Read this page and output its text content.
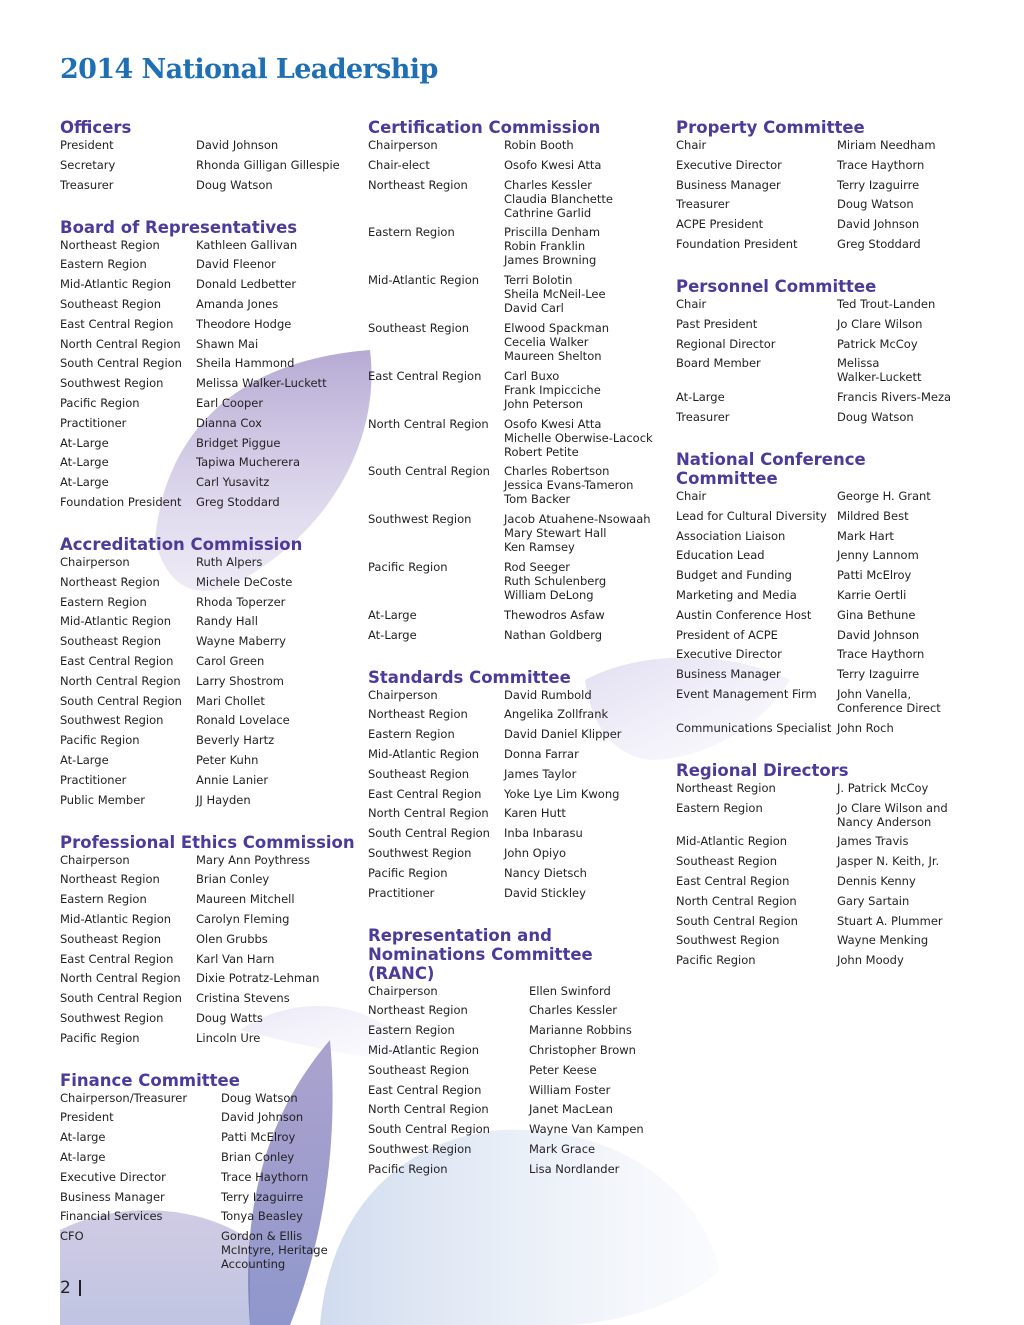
2014 National Leadership
Officers
President	David Johnson
Secretary	Rhonda Gilligan Gillespie
Treasurer	Doug Watson
Board of Representatives
Northeast Region	Kathleen Gallivan
Eastern Region	David Fleenor
Mid-Atlantic Region	Donald Ledbetter
Southeast Region	Amanda Jones
East Central Region	Theodore Hodge
North Central Region	Shawn Mai
South Central Region	Sheila Hammond
Southwest Region	Melissa Walker-Luckett
Pacific Region	Earl Cooper
Practitioner	Dianna Cox
At-Large	Bridget Piggue
At-Large	Tapiwa Mucherera
At-Large	Carl Yusavitz
Foundation President	Greg Stoddard
Accreditation Commission
Chairperson	Ruth Alpers
Northeast Region	Michele DeCoste
Eastern Region	Rhoda Toperzer
Mid-Atlantic Region	Randy Hall
Southeast Region	Wayne Maberry
East Central Region	Carol Green
North Central Region	Larry Shostrom
South Central Region	Mari Chollet
Southwest Region	Ronald Lovelace
Pacific Region	Beverly Hartz
At-Large	Peter Kuhn
Practitioner	Annie Lanier
Public Member	JJ Hayden
Professional Ethics Commission
Chairperson	Mary Ann Poythress
Northeast Region	Brian Conley
Eastern Region	Maureen Mitchell
Mid-Atlantic Region	Carolyn Fleming
Southeast Region	Olen Grubbs
East Central Region	Karl Van Harn
North Central Region	Dixie Potratz-Lehman
South Central Region	Cristina Stevens
Southwest Region	Doug Watts
Pacific Region	Lincoln Ure
Finance Committee
Chairperson/Treasurer	Doug Watson
President	David Johnson
At-large	Patti McElroy
At-large	Brian Conley
Executive Director	Trace Haythorn
Business Manager	Terry Izaguirre
Financial Services	Tonya Beasley
CFO	Gordon & Ellis
McIntyre, Heritage
Accounting
Certification Commission
Chairperson	Robin Booth
Chair-elect	Osofo Kwesi Atta
Northeast Region	Charles Kessler
Claudia Blanchette
Cathrine Garlid
Eastern Region	Priscilla Denham
Robin Franklin
James Browning
Mid-Atlantic Region	Terri Bolotin
Sheila McNeil-Lee
David Carl
Southeast Region	Elwood Spackman
Cecelia Walker
Maureen Shelton
East Central Region	Carl Buxo
Frank Impicciche
John Peterson
North Central Region	Osofo Kwesi Atta
Michelle Oberwise-Lacock
Robert Petite
South Central Region	Charles Robertson
Jessica Evans-Tameron
Tom Backer
Southwest Region	Jacob Atuahene-Nsowaah
Mary Stewart Hall
Ken Ramsey
Pacific Region	Rod Seeger
Ruth Schulenberg
William DeLong
At-Large	Thewodros Asfaw
At-Large	Nathan Goldberg
Standards Committee
Chairperson	David Rumbold
Northeast Region	Angelika Zollfrank
Eastern Region	David Daniel Klipper
Mid-Atlantic Region	Donna Farrar
Southeast Region	James Taylor
East Central Region	Yoke Lye Lim Kwong
North Central Region	Karen Hutt
South Central Region	Inba Inbarasu
Southwest Region	John Opiyo
Pacific Region	Nancy Dietsch
Practitioner	David Stickley
Representation and Nominations Committee (RANC)
Chairperson	Ellen Swinford
Northeast Region	Charles Kessler
Eastern Region	Marianne Robbins
Mid-Atlantic Region	Christopher Brown
Southeast Region	Peter Keese
East Central Region	William Foster
North Central Region	Janet MacLean
South Central Region	Wayne Van Kampen
Southwest Region	Mark Grace
Pacific Region	Lisa Nordlander
Property Committee
Chair	Miriam Needham
Executive Director	Trace Haythorn
Business Manager	Terry Izaguirre
Treasurer	Doug Watson
ACPE President	David Johnson
Foundation President	Greg Stoddard
Personnel Committee
Chair	Ted Trout-Landen
Past President	Jo Clare Wilson
Regional Director	Patrick McCoy
Board Member	Melissa
Walker-Luckett
At-Large	Francis Rivers-Meza
Treasurer	Doug Watson
National Conference Committee
Chair	George H. Grant
Lead for Cultural Diversity Mildred Best
Association Liaison	Mark Hart
Education Lead	Jenny Lannom
Budget and Funding	Patti McElroy
Marketing and Media	Karrie Oertli
Austin Conference Host	Gina Bethune
President of ACPE	David Johnson
Executive Director	Trace Haythorn
Business Manager	Terry Izaguirre
Event Management Firm	John Vanella,
Conference Direct
Communications Specialist John Roch
Regional Directors
Northeast Region	J. Patrick McCoy
Eastern Region	Jo Clare Wilson and
Nancy Anderson
Mid-Atlantic Region	James Travis
Southeast Region	Jasper N. Keith, Jr.
East Central Region	Dennis Kenny
North Central Region	Gary Sartain
South Central Region	Stuart A. Plummer
Southwest Region	Wayne Menking
Pacific Region	John Moody
2
